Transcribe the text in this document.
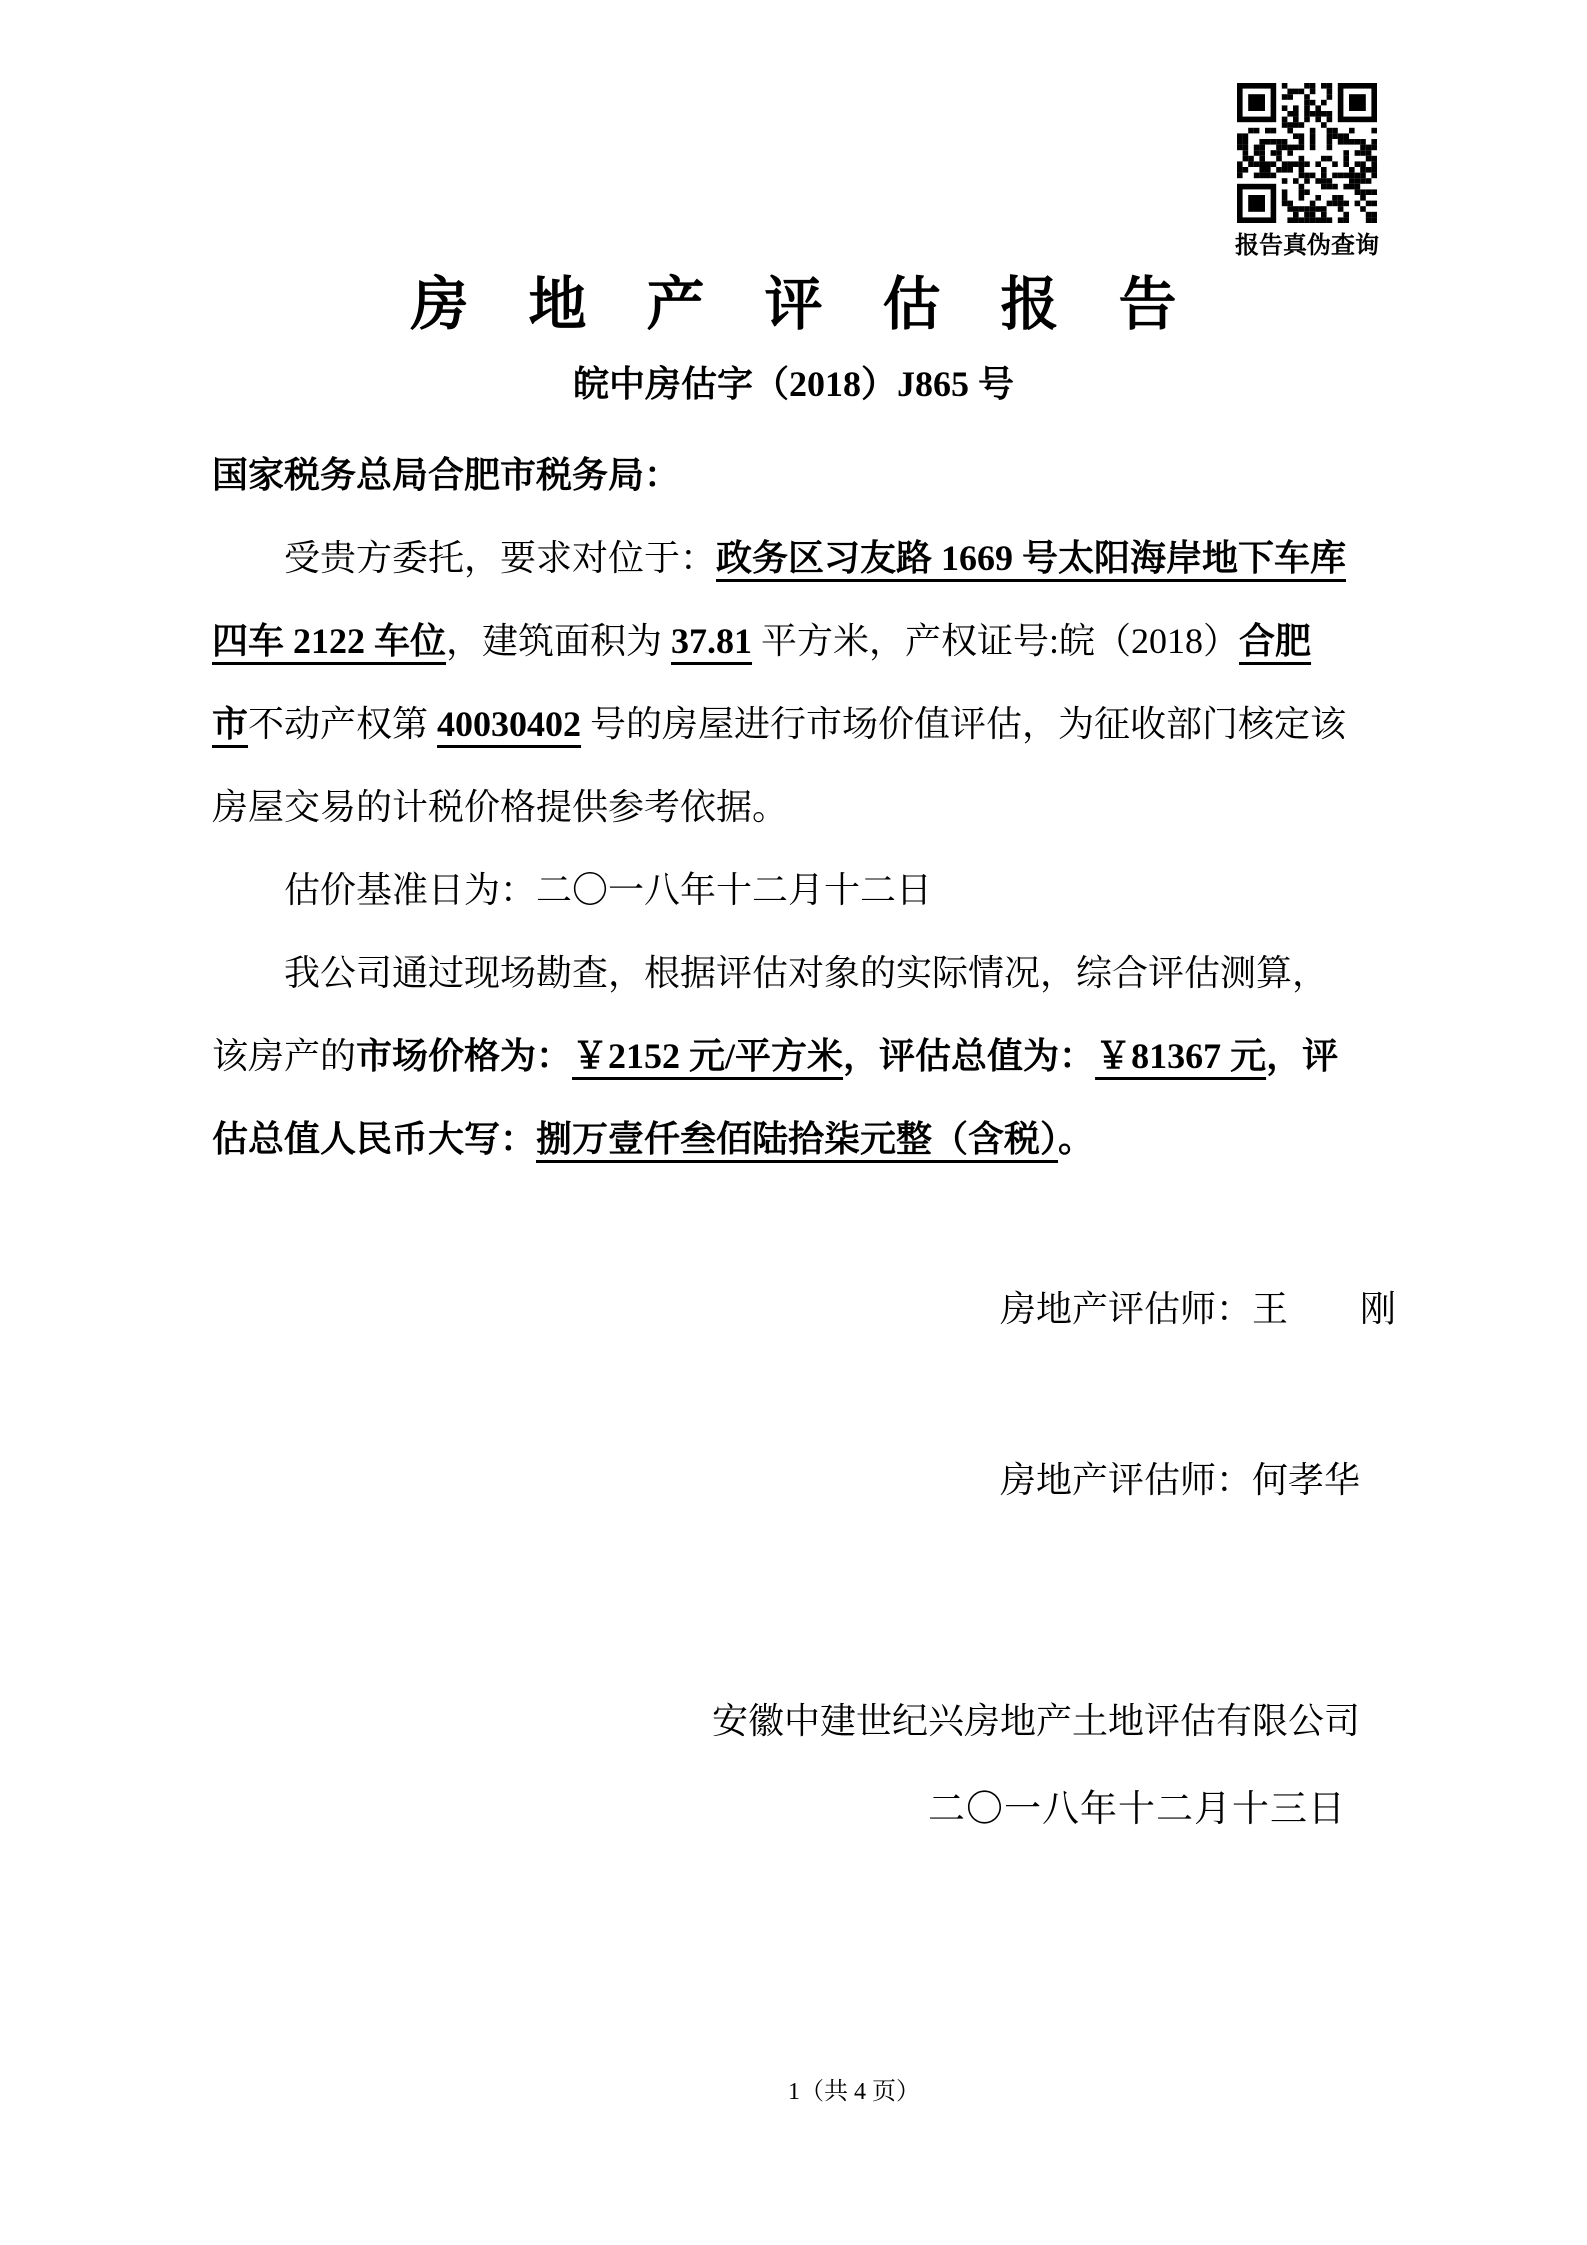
报告真伪查询
房地产评估报告
皖中房估字（2018）J865 号
国家税务总局合肥市税务局：
受贵方委托，要求对位于：政务区习友路 1669 号太阳海岸地下车库
四车 2122 车位，建筑面积为 37.81 平方米，产权证号:皖（2018）合肥
市不动产权第 40030402 号的房屋进行市场价值评估，为征收部门核定该
房屋交易的计税价格提供参考依据。
估价基准日为：二〇一八年十二月十二日
我公司通过现场勘查，根据评估对象的实际情况，综合评估测算，
该房产的市场价格为：￥2152 元/平方米，评估总值为：￥81367 元，评
估总值人民币大写：捌万壹仟叁佰陆拾柒元整（含税）。
房地产评估师：王　　刚
房地产评估师：何孝华
安徽中建世纪兴房地产土地评估有限公司
二〇一八年十二月十三日
1（共 4 页）
